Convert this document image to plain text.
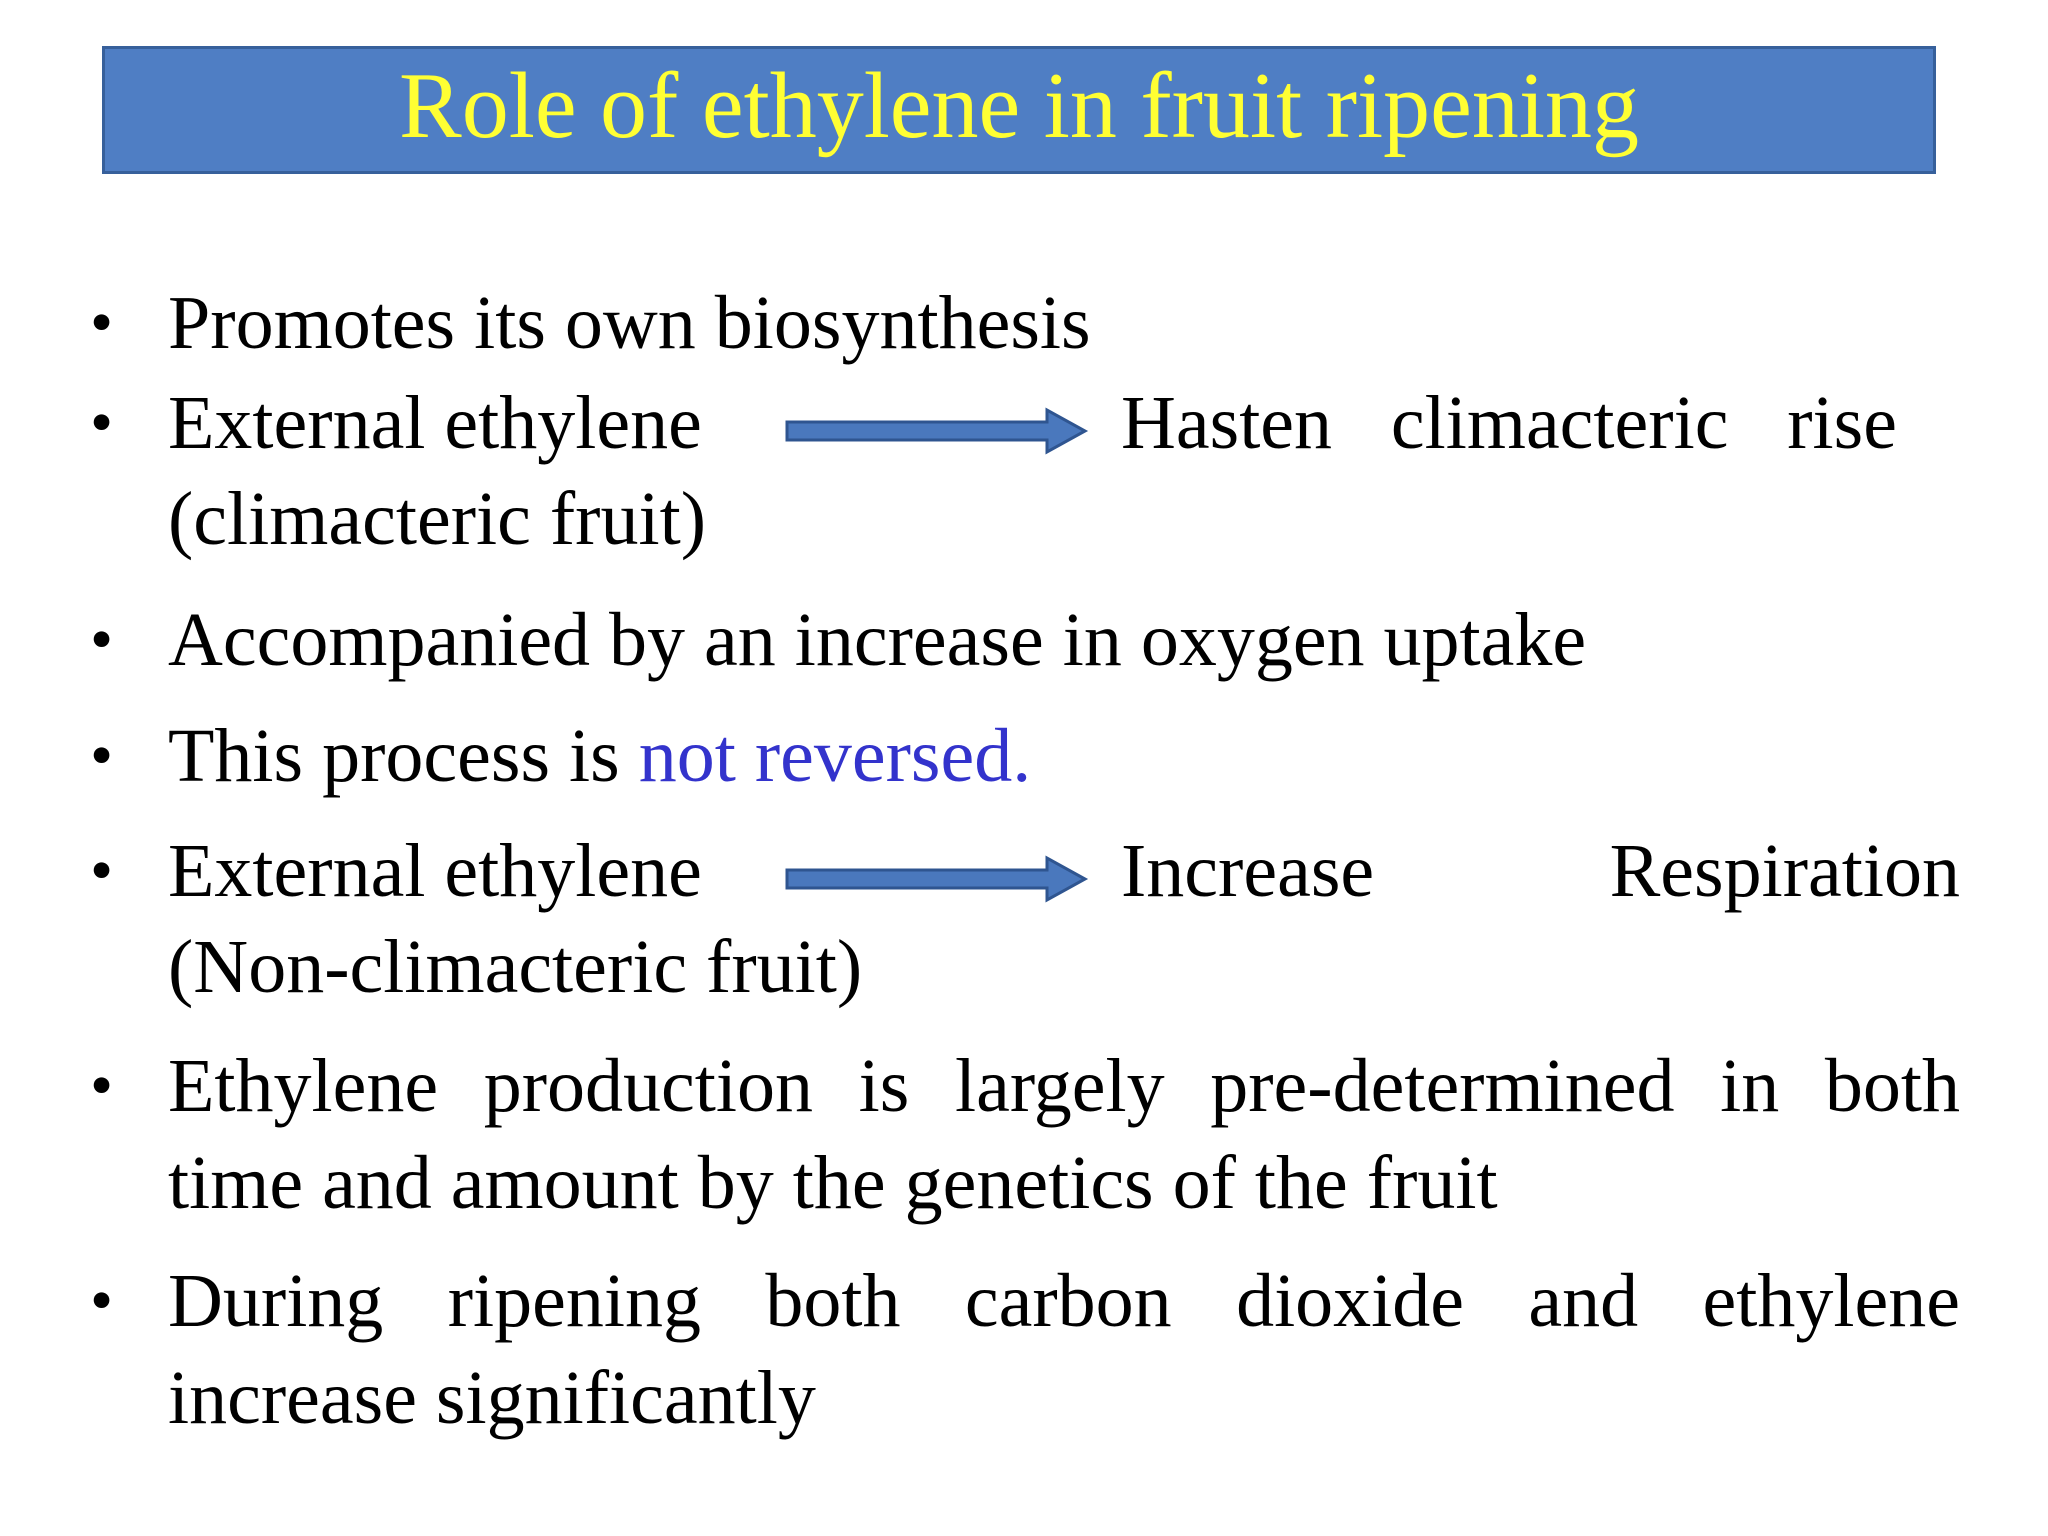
Role of ethylene in fruit ripening
• Promotes its own biosynthesis
• External ethylene	Hasten climacteric rise
(climacteric fruit)
• Accompanied by an increase in oxygen uptake
• This process is not reversed.
• External ethylene	Increase	Respiration
(Non-climacteric fruit)
• Ethylene production is largely pre-determined in both
time and amount by the genetics of the fruit
• During ripening both carbon dioxide and ethylene
increase significantly
